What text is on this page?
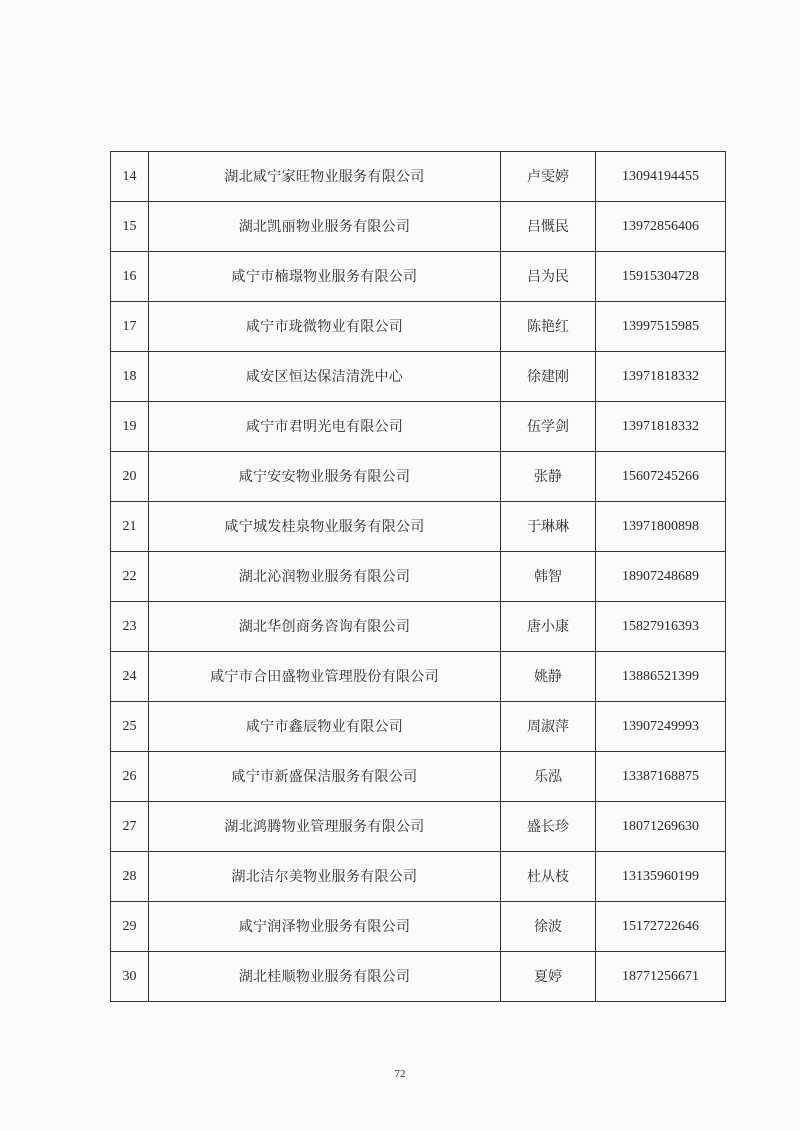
14	湖北咸宁家旺物业服务有限公司	卢雯婷	13094194455
15	湖北凯丽物业服务有限公司	吕慨民	13972856406
16	咸宁市楠璟物业服务有限公司	吕为民	15915304728
17	咸宁市珑微物业有限公司	陈艳红	13997515985
18	咸安区恒达保洁清洗中心	徐建刚	13971818332
19	咸宁市君明光电有限公司	伍学剑	13971818332
20	咸宁安安物业服务有限公司	张静	15607245266
21	咸宁城发桂泉物业服务有限公司	于琳琳	13971800898
22	湖北沁润物业服务有限公司	韩智	18907248689
23	湖北华创商务咨询有限公司	唐小康	15827916393
24	咸宁市合田盛物业管理股份有限公司	姚静	13886521399
25	咸宁市鑫辰物业有限公司	周淑萍	13907249993
26	咸宁市新盛保洁服务有限公司	乐泓	13387168875
27	湖北鸿腾物业管理服务有限公司	盛长珍	18071269630
28	湖北洁尔美物业服务有限公司	杜从枝	13135960199
29	咸宁润泽物业服务有限公司	徐波	15172722646
30	湖北桂顺物业服务有限公司	夏婷	18771256671
72
